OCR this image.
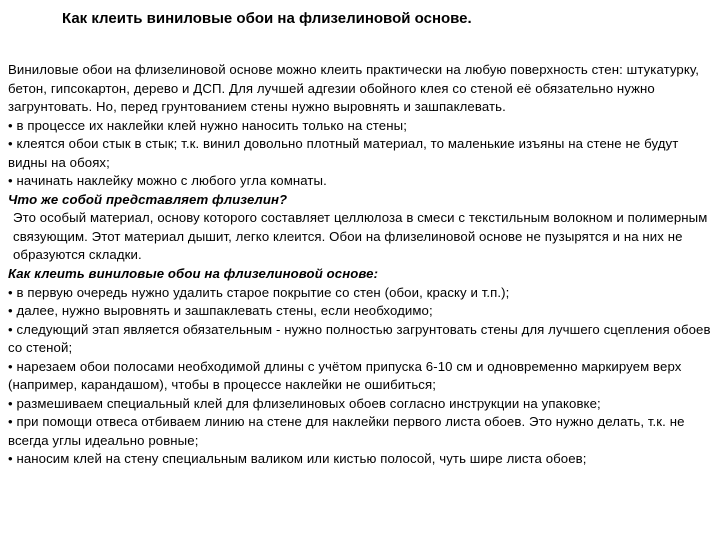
Как клеить виниловые обои на флизелиновой основе.

Виниловые обои на флизелиновой основе можно клеить практически на любую поверхность стен: штукатурку, бетон, гипсокартон, дерево и ДСП. Для лучшей адгезии обойного клея со стеной её обязательно нужно загрунтовать. Но, перед грунтованием стены нужно выровнять и зашпаклевать.

• в процессе их наклейки клей нужно наносить только на стены;

• клеятся обои стык в стык; т.к. винил довольно плотный материал, то маленькие изъяны на стене не будут видны на обоях;

• начинать наклейку можно с любого угла комнаты.

Что же собой представляет флизелин?

Это особый материал, основу которого составляет целлюлоза в смеси с текстильным волокном и полимерным связующим. Этот материал дышит, легко клеится. Обои на флизелиновой основе не пузырятся и на них не образуются складки.

Как клеить виниловые обои на флизелиновой основе:

• в первую очередь нужно удалить старое покрытие со стен (обои, краску и т.п.);

• далее, нужно выровнять и зашпаклевать стены, если необходимо;

• следующий этап является обязательным - нужно полностью загрунтовать стены для лучшего сцепления обоев со стеной;

• нарезаем обои полосами необходимой длины с учётом припуска 6-10 см и одновременно маркируем верх (например, карандашом), чтобы в процессе наклейки не ошибиться;

• размешиваем специальный клей для флизелиновых обоев согласно инструкции на упаковке;

• при помощи отвеса отбиваем линию на стене для наклейки первого листа обоев. Это нужно делать, т.к. не всегда углы идеально ровные;

• наносим клей на стену специальным валиком или кистью полосой, чуть шире листа обоев;
